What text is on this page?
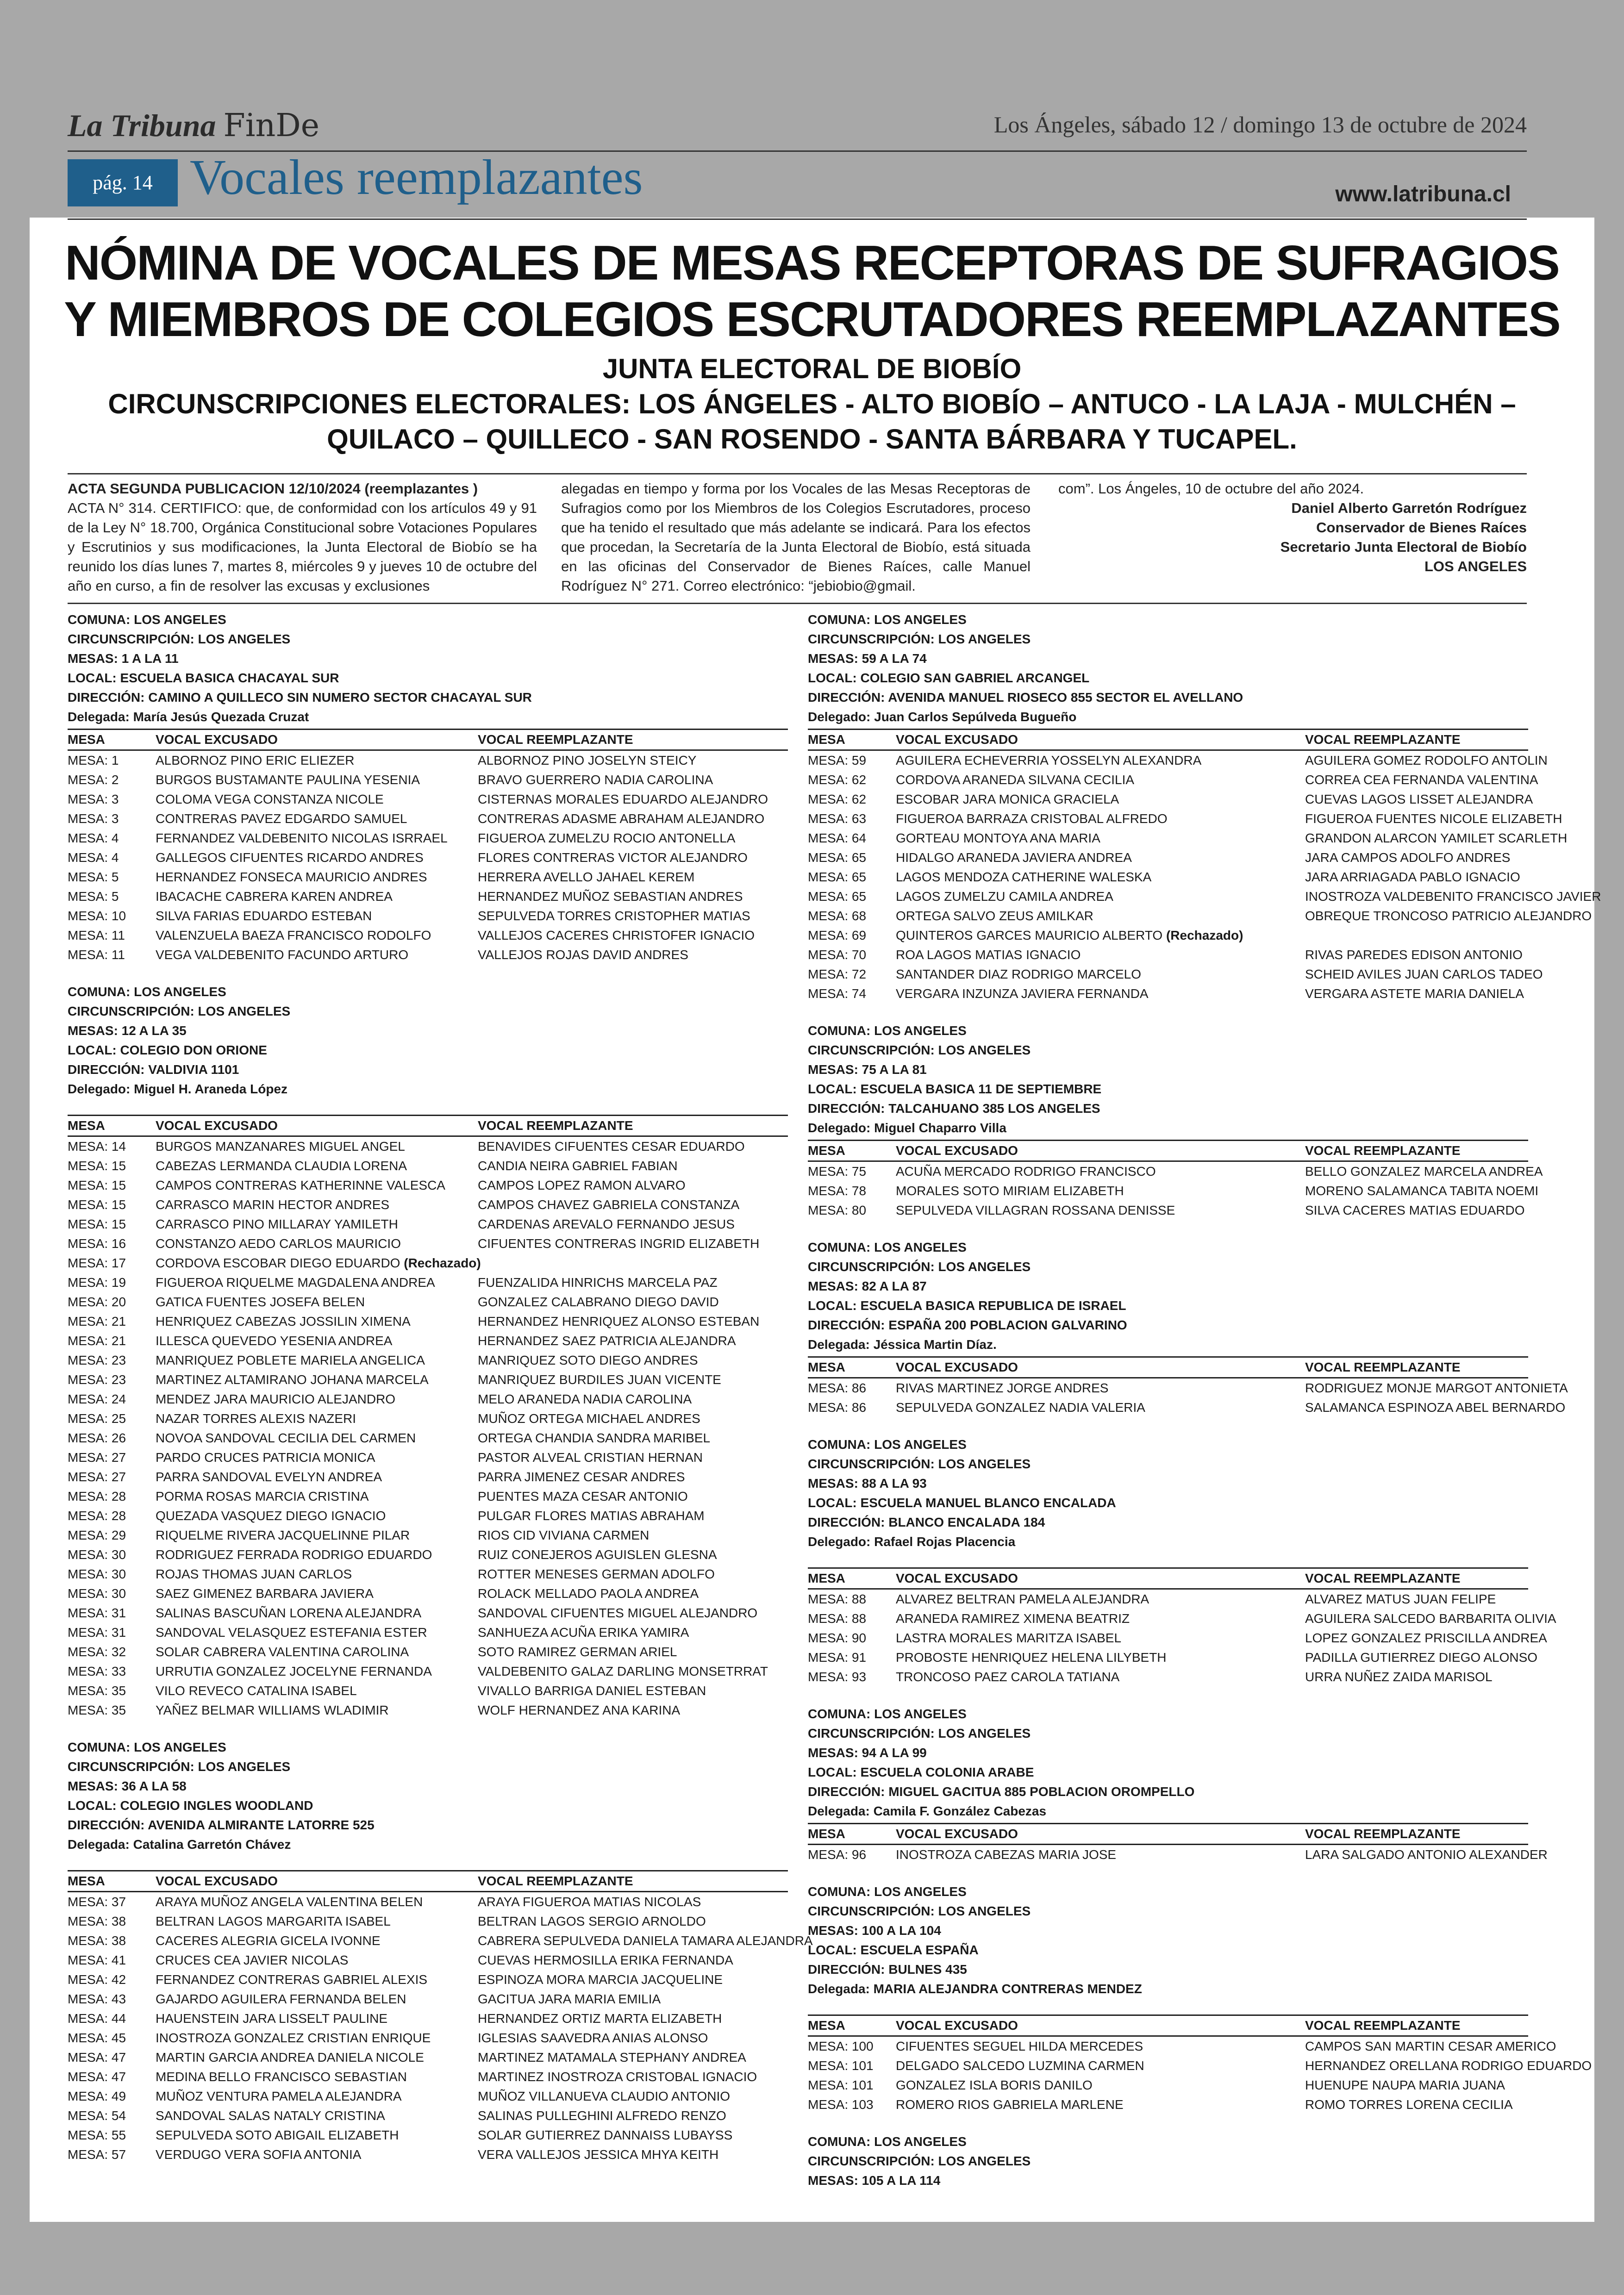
La Tribuna FinDe	Los Ángeles, sábado 12 / domingo 13 de octubre de 2024
pág. 14 Vocales reemplazantes	www.latribuna.cl
NÓMINA DE VOCALES DE MESAS RECEPTORAS DE SUFRAGIOS
Y MIEMBROS DE COLEGIOS ESCRUTADORES REEMPLAZANTES
JUNTA ELECTORAL DE BIOBÍO
CIRCUNSCRIPCIONES ELECTORALES: LOS ÁNGELES - ALTO BIOBÍO – ANTUCO - LA LAJA - MULCHÉN –
QUILACO – QUILLECO - SAN ROSENDO - SANTA BÁRBARA Y TUCAPEL.
ACTA SEGUNDA PUBLICACION 12/10/2024 (reemplazantes )
ACTA N° 314. CERTIFICO: que, de conformidad con los artículos 49 y 91 de la Ley N° 18.700, Orgánica Constitucional sobre Votaciones Populares y Escrutinios y sus modificaciones, la Junta Electoral de Biobío se ha reunido los días lunes 7, martes 8, miércoles 9 y jueves 10 de octubre del año en curso, a fin de resolver las excusas y exclusiones
alegadas en tiempo y forma por los Vocales de las Mesas Receptoras de Sufragios como por los Miembros de los Colegios Escrutadores, proceso que ha tenido el resultado que más adelante se indicará. Para los efectos que procedan, la Secretaría de la Junta Electoral de Biobío, está situada en las oficinas del Conservador de Bienes Raíces, calle Manuel Rodríguez N° 271. Correo electrónico: “jebiobio@gmail.
com”. Los Ángeles, 10 de octubre del año 2024.
Daniel Alberto Garretón Rodríguez
Conservador de Bienes Raíces
Secretario Junta Electoral de Biobío
LOS ANGELES
COMUNA: LOS ANGELES
CIRCUNSCRIPCIÓN: LOS ANGELES
MESAS: 1 A LA 11
LOCAL: ESCUELA BASICA CHACAYAL SUR
DIRECCIÓN: CAMINO A QUILLECO SIN NUMERO SECTOR CHACAYAL SUR
Delegada: María Jesús Quezada Cruzat
MESA	VOCAL EXCUSADO	VOCAL REEMPLAZANTE
MESA: 1	ALBORNOZ PINO ERIC ELIEZER	ALBORNOZ PINO JOSELYN STEICY
MESA: 2	BURGOS BUSTAMANTE PAULINA YESENIA	BRAVO GUERRERO NADIA CAROLINA
MESA: 3	COLOMA VEGA CONSTANZA NICOLE	CISTERNAS MORALES EDUARDO ALEJANDRO
MESA: 3	CONTRERAS PAVEZ EDGARDO SAMUEL	CONTRERAS ADASME ABRAHAM ALEJANDRO
MESA: 4	FERNANDEZ VALDEBENITO NICOLAS ISRRAEL	FIGUEROA ZUMELZU ROCIO ANTONELLA
MESA: 4	GALLEGOS CIFUENTES RICARDO ANDRES	FLORES CONTRERAS VICTOR ALEJANDRO
MESA: 5	HERNANDEZ FONSECA MAURICIO ANDRES	HERRERA AVELLO JAHAEL KEREM
MESA: 5	IBACACHE CABRERA KAREN ANDREA	HERNANDEZ MUÑOZ SEBASTIAN ANDRES
MESA: 10	SILVA FARIAS EDUARDO ESTEBAN	SEPULVEDA TORRES CRISTOPHER MATIAS
MESA: 11	VALENZUELA BAEZA FRANCISCO RODOLFO	VALLEJOS CACERES CHRISTOFER IGNACIO
MESA: 11	VEGA VALDEBENITO FACUNDO ARTURO	VALLEJOS ROJAS DAVID ANDRES
COMUNA: LOS ANGELES
CIRCUNSCRIPCIÓN: LOS ANGELES
MESAS: 12 A LA 35
LOCAL: COLEGIO DON ORIONE
DIRECCIÓN: VALDIVIA 1101
Delegado: Miguel H. Araneda López
MESA	VOCAL EXCUSADO	VOCAL REEMPLAZANTE
MESA: 14	BURGOS MANZANARES MIGUEL ANGEL	BENAVIDES CIFUENTES CESAR EDUARDO
MESA: 15	CABEZAS LERMANDA CLAUDIA LORENA	CANDIA NEIRA GABRIEL FABIAN
MESA: 15	CAMPOS CONTRERAS KATHERINNE VALESCA	CAMPOS LOPEZ RAMON ALVARO
MESA: 15	CARRASCO MARIN HECTOR ANDRES	CAMPOS CHAVEZ GABRIELA CONSTANZA
MESA: 15	CARRASCO PINO MILLARAY YAMILETH	CARDENAS AREVALO FERNANDO JESUS
MESA: 16	CONSTANZO AEDO CARLOS MAURICIO	CIFUENTES CONTRERAS INGRID ELIZABETH
MESA: 17	CORDOVA ESCOBAR DIEGO EDUARDO (Rechazado)
MESA: 19	FIGUEROA RIQUELME MAGDALENA ANDREA	FUENZALIDA HINRICHS MARCELA PAZ
MESA: 20	GATICA FUENTES JOSEFA BELEN	GONZALEZ CALABRANO DIEGO DAVID
MESA: 21	HENRIQUEZ CABEZAS JOSSILIN XIMENA	HERNANDEZ HENRIQUEZ ALONSO ESTEBAN
MESA: 21	ILLESCA QUEVEDO YESENIA ANDREA	HERNANDEZ SAEZ PATRICIA ALEJANDRA
MESA: 23	MANRIQUEZ POBLETE MARIELA ANGELICA	MANRIQUEZ SOTO DIEGO ANDRES
MESA: 23	MARTINEZ ALTAMIRANO JOHANA MARCELA	MANRIQUEZ BURDILES JUAN VICENTE
MESA: 24	MENDEZ JARA MAURICIO ALEJANDRO	MELO ARANEDA NADIA CAROLINA
MESA: 25	NAZAR TORRES ALEXIS NAZERI	MUÑOZ ORTEGA MICHAEL ANDRES
MESA: 26	NOVOA SANDOVAL CECILIA DEL CARMEN	ORTEGA CHANDIA SANDRA MARIBEL
MESA: 27	PARDO CRUCES PATRICIA MONICA	PASTOR ALVEAL CRISTIAN HERNAN
MESA: 27	PARRA SANDOVAL EVELYN ANDREA	PARRA JIMENEZ CESAR ANDRES
MESA: 28	PORMA ROSAS MARCIA CRISTINA	PUENTES MAZA CESAR ANTONIO
MESA: 28	QUEZADA VASQUEZ DIEGO IGNACIO	PULGAR FLORES MATIAS ABRAHAM
MESA: 29	RIQUELME RIVERA JACQUELINNE PILAR	RIOS CID VIVIANA CARMEN
MESA: 30	RODRIGUEZ FERRADA RODRIGO EDUARDO	RUIZ CONEJEROS AGUISLEN GLESNA
MESA: 30	ROJAS THOMAS JUAN CARLOS	ROTTER MENESES GERMAN ADOLFO
MESA: 30	SAEZ GIMENEZ BARBARA JAVIERA	ROLACK MELLADO PAOLA ANDREA
MESA: 31	SALINAS BASCUÑAN LORENA ALEJANDRA	SANDOVAL CIFUENTES MIGUEL ALEJANDRO
MESA: 31	SANDOVAL VELASQUEZ ESTEFANIA ESTER	SANHUEZA ACUÑA ERIKA YAMIRA
MESA: 32	SOLAR CABRERA VALENTINA CAROLINA	SOTO RAMIREZ GERMAN ARIEL
MESA: 33	URRUTIA GONZALEZ JOCELYNE FERNANDA	VALDEBENITO GALAZ DARLING MONSETRRAT
MESA: 35	VILO REVECO CATALINA ISABEL	VIVALLO BARRIGA DANIEL ESTEBAN
MESA: 35	YAÑEZ BELMAR WILLIAMS WLADIMIR	WOLF HERNANDEZ ANA KARINA
COMUNA: LOS ANGELES
CIRCUNSCRIPCIÓN: LOS ANGELES
MESAS: 36 A LA 58
LOCAL: COLEGIO INGLES WOODLAND
DIRECCIÓN: AVENIDA ALMIRANTE LATORRE 525
Delegada: Catalina Garretón Chávez
MESA	VOCAL EXCUSADO	VOCAL REEMPLAZANTE
MESA: 37	ARAYA MUÑOZ ANGELA VALENTINA BELEN	ARAYA FIGUEROA MATIAS NICOLAS
MESA: 38	BELTRAN LAGOS MARGARITA ISABEL	BELTRAN LAGOS SERGIO ARNOLDO
MESA: 38	CACERES ALEGRIA GICELA IVONNE	CABRERA SEPULVEDA DANIELA TAMARA ALEJANDRA
MESA: 41	CRUCES CEA JAVIER NICOLAS	CUEVAS HERMOSILLA ERIKA FERNANDA
MESA: 42	FERNANDEZ CONTRERAS GABRIEL ALEXIS	ESPINOZA MORA MARCIA JACQUELINE
MESA: 43	GAJARDO AGUILERA FERNANDA BELEN	GACITUA JARA MARIA EMILIA
MESA: 44	HAUENSTEIN JARA LISSELT PAULINE	HERNANDEZ ORTIZ MARTA ELIZABETH
MESA: 45	INOSTROZA GONZALEZ CRISTIAN ENRIQUE	IGLESIAS SAAVEDRA ANIAS ALONSO
MESA: 47	MARTIN GARCIA ANDREA DANIELA NICOLE	MARTINEZ MATAMALA STEPHANY ANDREA
MESA: 47	MEDINA BELLO FRANCISCO SEBASTIAN	MARTINEZ INOSTROZA CRISTOBAL IGNACIO
MESA: 49	MUÑOZ VENTURA PAMELA ALEJANDRA	MUÑOZ VILLANUEVA CLAUDIO ANTONIO
MESA: 54	SANDOVAL SALAS NATALY CRISTINA	SALINAS PULLEGHINI ALFREDO RENZO
MESA: 55	SEPULVEDA SOTO ABIGAIL ELIZABETH	SOLAR GUTIERREZ DANNAISS LUBAYSS
MESA: 57	VERDUGO VERA SOFIA ANTONIA	VERA VALLEJOS JESSICA MHYA KEITH
COMUNA: LOS ANGELES
CIRCUNSCRIPCIÓN: LOS ANGELES
MESAS: 59 A LA 74
LOCAL: COLEGIO SAN GABRIEL ARCANGEL
DIRECCIÓN: AVENIDA MANUEL RIOSECO 855 SECTOR EL AVELLANO
Delegado: Juan Carlos Sepúlveda Bugueño
MESA	VOCAL EXCUSADO	VOCAL REEMPLAZANTE
MESA: 59	AGUILERA ECHEVERRIA YOSSELYN ALEXANDRA	AGUILERA GOMEZ RODOLFO ANTOLIN
MESA: 62	CORDOVA ARANEDA SILVANA CECILIA	CORREA CEA FERNANDA VALENTINA
MESA: 62	ESCOBAR JARA MONICA GRACIELA	CUEVAS LAGOS LISSET ALEJANDRA
MESA: 63	FIGUEROA BARRAZA CRISTOBAL ALFREDO	FIGUEROA FUENTES NICOLE ELIZABETH
MESA: 64	GORTEAU MONTOYA ANA MARIA	GRANDON ALARCON YAMILET SCARLETH
MESA: 65	HIDALGO ARANEDA JAVIERA ANDREA	JARA CAMPOS ADOLFO ANDRES
MESA: 65	LAGOS MENDOZA CATHERINE WALESKA	JARA ARRIAGADA PABLO IGNACIO
MESA: 65	LAGOS ZUMELZU CAMILA ANDREA	INOSTROZA VALDEBENITO FRANCISCO JAVIER
MESA: 68	ORTEGA SALVO ZEUS AMILKAR	OBREQUE TRONCOSO PATRICIO ALEJANDRO
MESA: 69	QUINTEROS GARCES MAURICIO ALBERTO (Rechazado)
MESA: 70	ROA LAGOS MATIAS IGNACIO	RIVAS PAREDES EDISON ANTONIO
MESA: 72	SANTANDER DIAZ RODRIGO MARCELO	SCHEID AVILES JUAN CARLOS TADEO
MESA: 74	VERGARA INZUNZA JAVIERA FERNANDA	VERGARA ASTETE MARIA DANIELA
COMUNA: LOS ANGELES
CIRCUNSCRIPCIÓN: LOS ANGELES
MESAS: 75 A LA 81
LOCAL: ESCUELA BASICA 11 DE SEPTIEMBRE
DIRECCIÓN: TALCAHUANO 385 LOS ANGELES
Delegado: Miguel Chaparro Villa
MESA	VOCAL EXCUSADO	VOCAL REEMPLAZANTE
MESA: 75	ACUÑA MERCADO RODRIGO FRANCISCO	BELLO GONZALEZ MARCELA ANDREA
MESA: 78	MORALES SOTO MIRIAM ELIZABETH	MORENO SALAMANCA TABITA NOEMI
MESA: 80	SEPULVEDA VILLAGRAN ROSSANA DENISSE	SILVA CACERES MATIAS EDUARDO
COMUNA: LOS ANGELES
CIRCUNSCRIPCIÓN: LOS ANGELES
MESAS: 82 A LA 87
LOCAL: ESCUELA BASICA REPUBLICA DE ISRAEL
DIRECCIÓN: ESPAÑA 200 POBLACION GALVARINO
Delegada: Jéssica Martin Díaz.
MESA	VOCAL EXCUSADO	VOCAL REEMPLAZANTE
MESA: 86	RIVAS MARTINEZ JORGE ANDRES	RODRIGUEZ MONJE MARGOT ANTONIETA
MESA: 86	SEPULVEDA GONZALEZ NADIA VALERIA	SALAMANCA ESPINOZA ABEL BERNARDO
COMUNA: LOS ANGELES
CIRCUNSCRIPCIÓN: LOS ANGELES
MESAS: 88 A LA 93
LOCAL: ESCUELA MANUEL BLANCO ENCALADA
DIRECCIÓN: BLANCO ENCALADA 184
Delegado: Rafael Rojas Placencia
MESA	VOCAL EXCUSADO	VOCAL REEMPLAZANTE
MESA: 88	ALVAREZ BELTRAN PAMELA ALEJANDRA	ALVAREZ MATUS JUAN FELIPE
MESA: 88	ARANEDA RAMIREZ XIMENA BEATRIZ	AGUILERA SALCEDO BARBARITA OLIVIA
MESA: 90	LASTRA MORALES MARITZA ISABEL	LOPEZ GONZALEZ PRISCILLA ANDREA
MESA: 91	PROBOSTE HENRIQUEZ HELENA LILYBETH	PADILLA GUTIERREZ DIEGO ALONSO
MESA: 93	TRONCOSO PAEZ CAROLA TATIANA	URRA NUÑEZ ZAIDA MARISOL
COMUNA: LOS ANGELES
CIRCUNSCRIPCIÓN: LOS ANGELES
MESAS: 94 A LA 99
LOCAL: ESCUELA COLONIA ARABE
DIRECCIÓN: MIGUEL GACITUA 885 POBLACION OROMPELLO
Delegada: Camila F. González Cabezas
MESA	VOCAL EXCUSADO	VOCAL REEMPLAZANTE
MESA: 96	INOSTROZA CABEZAS MARIA JOSE	LARA SALGADO ANTONIO ALEXANDER
COMUNA: LOS ANGELES
CIRCUNSCRIPCIÓN: LOS ANGELES
MESAS: 100 A LA 104
LOCAL: ESCUELA ESPAÑA
DIRECCIÓN: BULNES 435
Delegada: MARIA ALEJANDRA CONTRERAS MENDEZ
MESA	VOCAL EXCUSADO	VOCAL REEMPLAZANTE
MESA: 100	CIFUENTES SEGUEL HILDA MERCEDES	CAMPOS SAN MARTIN CESAR AMERICO
MESA: 101	DELGADO SALCEDO LUZMINA CARMEN	HERNANDEZ ORELLANA RODRIGO EDUARDO
MESA: 101	GONZALEZ ISLA BORIS DANILO	HUENUPE NAUPA MARIA JUANA
MESA: 103	ROMERO RIOS GABRIELA MARLENE	ROMO TORRES LORENA CECILIA
COMUNA: LOS ANGELES
CIRCUNSCRIPCIÓN: LOS ANGELES
MESAS: 105 A LA 114
